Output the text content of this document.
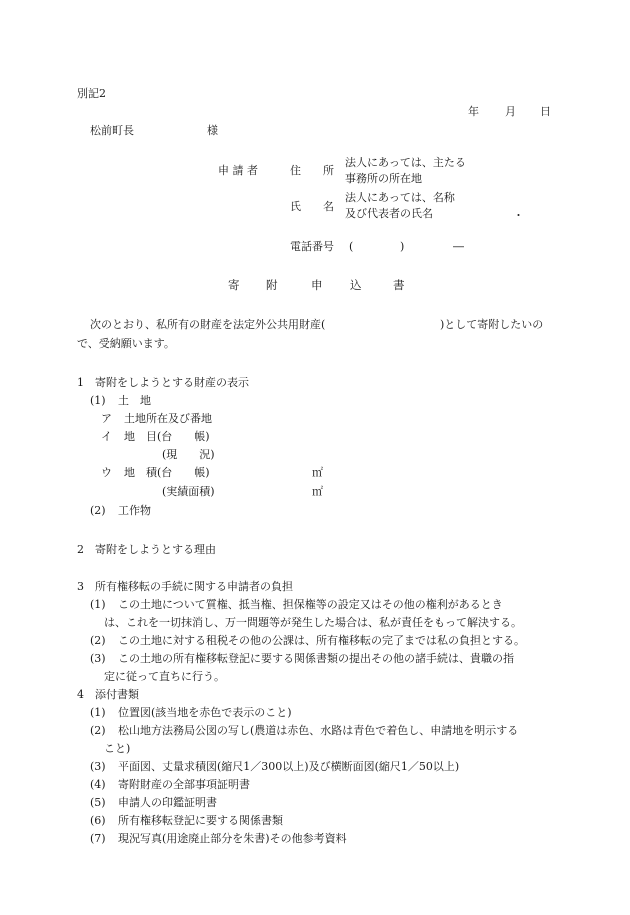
別記2
年 月 日
松前町長	様
申 請 者	住　　所
法人にあっては、主たる
事務所の所在地
氏　　名
法人にあっては、名称
及び代表者の氏名	・
電話番号 (	)	―
寄 附	申 込	書
次のとおり、私所有の財産を法定外公共用財産(	)として寄附したいの
で、受納願います。
1 寄附をしようとする財産の表示
(1) 土　地
ア 土地所在及び番地
イ 地　目(台　　帳)
(現　　況)
ウ 地　積(台　　帳)	㎡
(実績面積)	㎡
(2) 工作物
2 寄附をしようとする理由
3 所有権移転の手続に関する申請者の負担
(1) この土地について質権、抵当権、担保権等の設定又はその他の権利があるとき
は、これを一切抹消し、万一問題等が発生した場合は、私が責任をもって解決する。
(2) この土地に対する租税その他の公課は、所有権移転の完了までは私の負担とする。
(3) この土地の所有権移転登記に要する関係書類の提出その他の諸手続は、貴職の指
定に従って直ちに行う。
4 添付書類
(1) 位置図(該当地を赤色で表示のこと)
(2) 松山地方法務局公図の写し(農道は赤色、水路は青色で着色し、申請地を明示する
こと)
(3) 平面図、丈量求積図(縮尺1／300以上)及び横断面図(縮尺1／50以上)
(4) 寄附財産の全部事項証明書
(5) 申請人の印鑑証明書
(6) 所有権移転登記に要する関係書類
(7) 現況写真(用途廃止部分を朱書)その他参考資料
